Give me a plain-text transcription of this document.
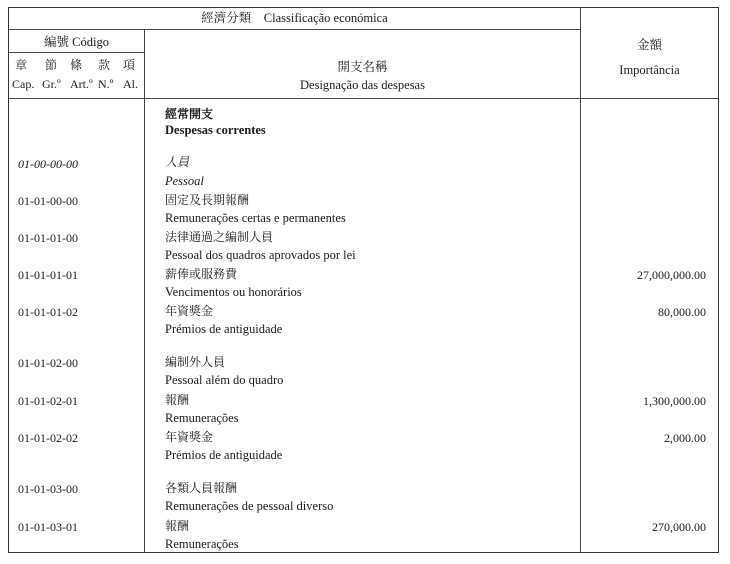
經濟分類 Classificação económica
編號 Código
章 節 條 款 項
Cap. Gr.º Art.º N.º Al.
開支名稱
Designação das despesas
金額
Importância
經常開支
Despesas correntes
01-00-00-00	人員
Pessoal
01-01-00-00	固定及長期報酬
Remunerações certas e permanentes
01-01-01-00	法律通過之編制人員
Pessoal dos quadros aprovados por lei
01-01-01-01	薪俸或服務費
Vencimentos ou honorários
27,000,000.00
01-01-01-02	年資獎金
Prémios de antiguidade
80,000.00
01-01-02-00	編制外人員
Pessoal além do quadro
01-01-02-01	報酬
Remunerações
1,300,000.00
01-01-02-02	年資獎金
Prémios de antiguidade
2,000.00
01-01-03-00	各類人員報酬
Remunerações de pessoal diverso
01-01-03-01	報酬
Remunerações
270,000.00
